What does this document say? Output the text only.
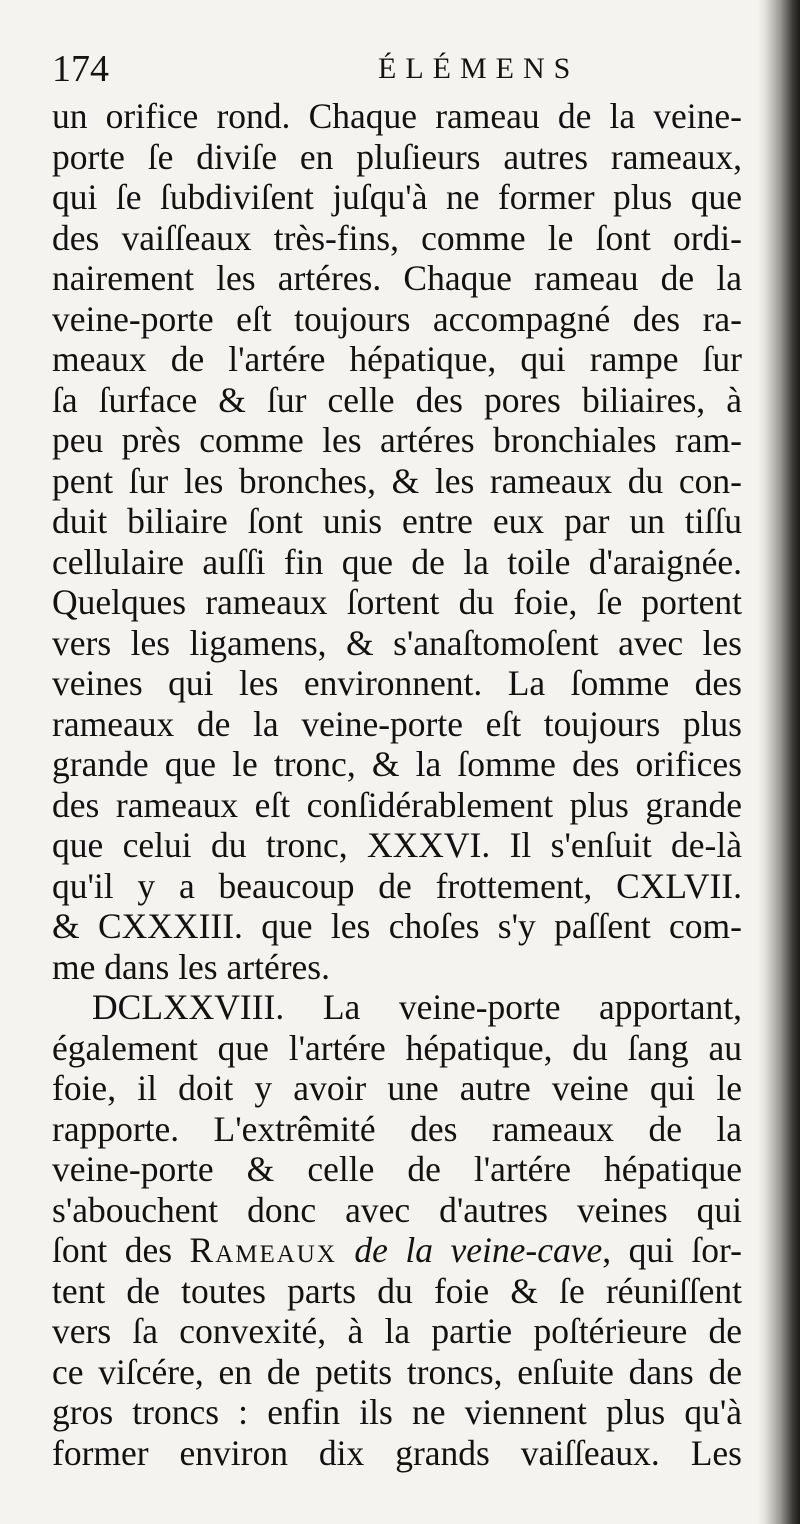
174	ÉLÉMENS
un orifice rond. Chaque rameau de la veine-
porte ſe diviſe en pluſieurs autres rameaux,
qui ſe ſubdiviſent juſqu'à ne former plus que
des vaiſſeaux très-fins, comme le ſont ordi-
nairement les artéres. Chaque rameau de la
veine-porte eſt toujours accompagné des ra-
meaux de l'artére hépatique, qui rampe ſur
ſa ſurface & ſur celle des pores biliaires, à
peu près comme les artéres bronchiales ram-
pent ſur les bronches, & les rameaux du con-
duit biliaire ſont unis entre eux par un tiſſu
cellulaire auſſi fin que de la toile d'araignée.
Quelques rameaux ſortent du foie, ſe portent
vers les ligamens, & s'anaſtomoſent avec les
veines qui les environnent. La ſomme des
rameaux de la veine-porte eſt toujours plus
grande que le tronc, & la ſomme des orifices
des rameaux eſt conſidérablement plus grande
que celui du tronc, XXXVI. Il s'enſuit de-là
qu'il y a beaucoup de frottement, CXLVII.
& CXXXIII. que les choſes s'y paſſent com-
me dans les artéres.
DCLXXVIII. La veine-porte apportant,
également que l'artére hépatique, du ſang au
foie, il doit y avoir une autre veine qui le
rapporte. L'extrêmité des rameaux de la
veine-porte & celle de l'artére hépatique
s'abouchent donc avec d'autres veines qui
ſont des Rameaux de la veine-cave, qui ſor-
tent de toutes parts du foie & ſe réuniſſent
vers ſa convexité, à la partie poſtérieure de
ce viſcére, en de petits troncs, enſuite dans de
gros troncs : enfin ils ne viennent plus qu'à
former environ dix grands vaiſſeaux. Les
